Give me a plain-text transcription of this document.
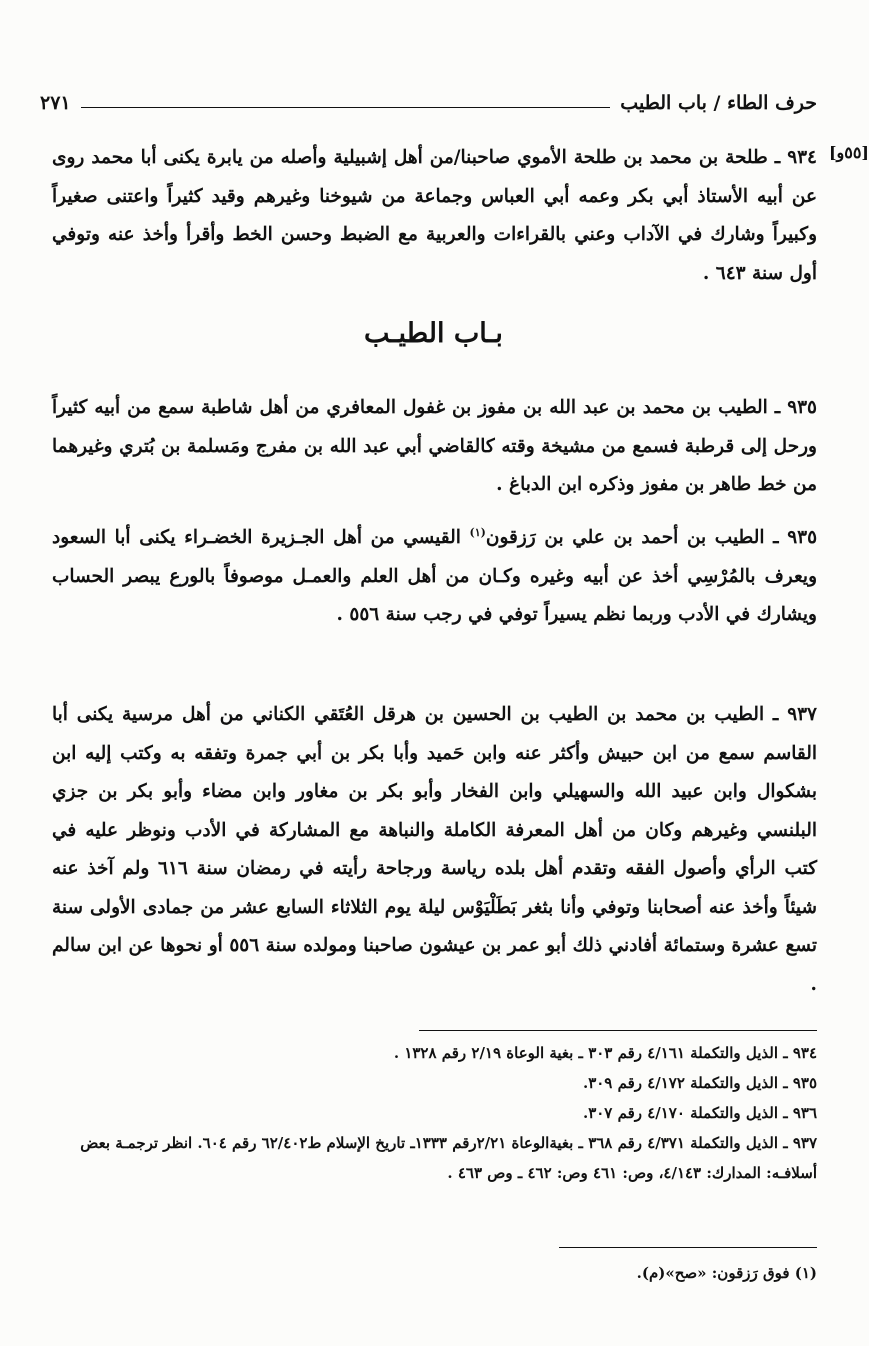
حرف الطاء / باب الطيب
٢٧١
[٥٥و]

٩٣٤ ـ طلحة بن محمد بن طلحة الأموي صاحبنا/من أهل إشبيلية وأصله من يابرة يكنى أبا محمد روى عن أبيه الأستاذ أبي بكر وعمه أبي العباس وجماعة من شيوخنا وغيرهم وقيد كثيراً واعتنى صغيراً وكبيراً وشارك في الآداب وعني بالقراءات والعربية مع الضبط وحسن الخط وأقرأ وأخذ عنه وتوفي أول سنة ٦٤٣ .

بـاب الطيـب

٩٣٥ ـ الطيب بن محمد بن عبد الله بن مفوز بن غفول المعافري من أهل شاطبة سمع من أبيه كثيراً ورحل إلى قرطبة فسمع من مشيخة وقته كالقاضي أبي عبد الله بن مفرج ومَسلمة بن بُتري وغيرهما من خط طاهر بن مفوز وذكره ابن الدباغ .

٩٣٥ ـ الطيب بن أحمد بن علي بن رَزقون$^{(١)}$ القيسي من أهل الجـزيرة الخضـراء يكنى أبا السعود ويعرف بالمُرْسِي أخذ عن أبيه وغيره وكـان من أهل العلم والعمـل موصوفاً بالورع يبصر الحساب ويشارك في الأدب وربما نظم يسيراً توفي في رجب سنة ٥٥٦ .

٩٣٧ ـ الطيب بن محمد بن الطيب بن الحسين بن هرقل العُتَقي الكناني من أهل مرسية يكنى أبا القاسم سمع من ابن حبيش وأكثر عنه وابن حَميد وأبا بكر بن أبي جمرة وتفقه به وكتب إليه ابن بشكوال وابن عبيد الله والسهيلي وابن الفخار وأبو بكر بن مغاور وابن مضاء وأبو بكر بن جزي البلنسي وغيرهم وكان من أهل المعرفة الكاملة والنباهة مع المشاركة في الأدب ونوظر عليه في كتب الرأي وأصول الفقه وتقدم أهل بلده رياسة ورجاحة رأيته في رمضان سنة ٦١٦ ولم آخذ عنه شيئاً وأخذ عنه أصحابنا وتوفي وأنا بثغر بَطَلْيَوْس ليلة يوم الثلاثاء السابع عشر من جمادى الأولى سنة تسع عشرة وستمائة أفادني ذلك أبو عمر بن عيشون صاحبنا ومولده سنة ٥٥٦ أو نحوها عن ابن سالم .

٩٣٤ ـ الذيل والتكملة ٤/١٦١ رقم ٣٠٣ ـ بغية الوعاة ٢/١٩ رقم ١٣٢٨ .

٩٣٥ ـ الذيل والتكملة ٤/١٧٢ رقم ٣٠٩.

٩٣٦ ـ الذيل والتكملة ٤/١٧٠ رقم ٣٠٧.

٩٣٧ ـ الذيل والتكملة ٤/٣٧١ رقم ٣٦٨ ـ بغيةالوعاة ٢/٢١رقم ١٣٣٣ـ تاريخ الإسلام ط٦٢/٤٠٢ رقم ٦٠٤. انظر ترجمـة بعض أسلافـه: المدارك: ٤/١٤٣، وص: ٤٦١ وص: ٤٦٢ ـ وص ٤٦٣ .

(١) فوق رَزقون: «صح»(م).
